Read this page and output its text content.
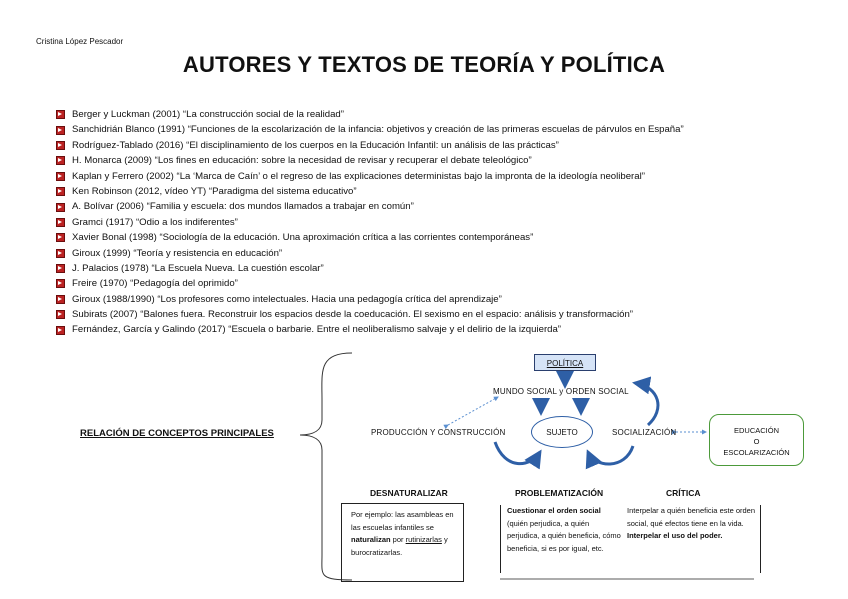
Cristina López Pescador
AUTORES Y TEXTOS DE TEORÍA Y POLÍTICA
Berger y Luckman (2001) “La construcción social de la realidad”
Sanchidrián Blanco (1991) “Funciones de la escolarización de la infancia: objetivos y creación de las primeras escuelas de párvulos en España”
Rodríguez-Tablado (2016) “El disciplinamiento de los cuerpos en la Educación Infantil: un análisis de las prácticas”
H. Monarca (2009) “Los fines en educación: sobre la necesidad de revisar y recuperar el debate teleológico”
Kaplan y Ferrero (2002) “La ‘Marca de Caín’ o el regreso de las explicaciones deterministas bajo la impronta de la ideología neoliberal”
Ken Robinson (2012, vídeo YT) “Paradigma del sistema educativo”
A. Bolívar (2006) “Familia y escuela: dos mundos llamados a trabajar en común”
Gramci (1917) “Odio a los indiferentes”
Xavier Bonal (1998) “Sociología de la educación. Una aproximación crítica a las corrientes contemporáneas”
Giroux (1999) “Teoría y resistencia en educación”
J. Palacios (1978) “La Escuela Nueva. La cuestión escolar”
Freire (1970) “Pedagogía del oprimido”
Giroux (1988/1990) “Los profesores como intelectuales. Hacia una pedagogía crítica del aprendizaje”
Subirats (2007) “Balones fuera. Reconstruir los espacios desde la coeducación. El sexismo en el espacio: análisis y transformación”
Fernández, García y Galindo (2017) “Escuela o barbarie. Entre el neoliberalismo salvaje y el delirio de la izquierda”
RELACIÓN DE CONCEPTOS PRINCIPALES
POLÍTICA
MUNDO SOCIAL y ORDEN SOCIAL
PRODUCCIÓN Y CONSTRUCCIÓN	SUJETO	SOCIALIZACIÓN	EDUCACIÓN
O
ESCOLARIZACIÓN
DESNATURALIZAR	PROBLEMATIZACIÓN	CRÍTICA
Por ejemplo: las asambleas en las escuelas infantiles se naturalizan por rutinizarlas y burocratizarlas.
Cuestionar el orden social (quién perjudica, a quién perjudica, a quién beneficia, cómo beneficia, si es por igual, etc.
Interpelar a quién beneficia este orden social, qué efectos tiene en la vida. Interpelar el uso del poder.
